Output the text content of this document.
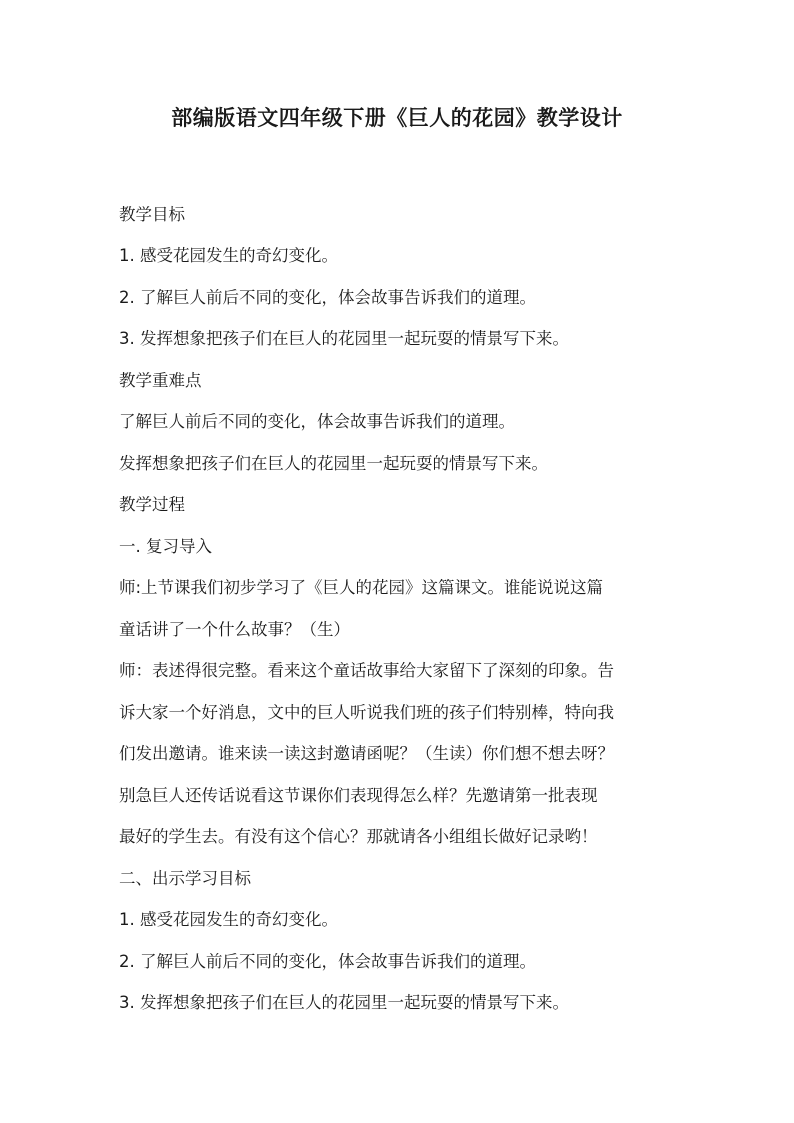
部编版语文四年级下册《巨人的花园》教学设计
教学目标
1. 感受花园发生的奇幻变化。
2. 了解巨人前后不同的变化，体会故事告诉我们的道理。
3. 发挥想象把孩子们在巨人的花园里一起玩耍的情景写下来。
教学重难点
了解巨人前后不同的变化，体会故事告诉我们的道理。
发挥想象把孩子们在巨人的花园里一起玩耍的情景写下来。
教学过程
一. 复习导入
师:上节课我们初步学习了《巨人的花园》这篇课文。谁能说说这篇
童话讲了一个什么故事？（生）
师：表述得很完整。看来这个童话故事给大家留下了深刻的印象。告
诉大家一个好消息，文中的巨人听说我们班的孩子们特别棒，特向我
们发出邀请。谁来读一读这封邀请函呢？（生读）你们想不想去呀？
别急巨人还传话说看这节课你们表现得怎么样？先邀请第一批表现
最好的学生去。有没有这个信心？那就请各小组组长做好记录哟！
二、出示学习目标
1. 感受花园发生的奇幻变化。
2. 了解巨人前后不同的变化，体会故事告诉我们的道理。
3. 发挥想象把孩子们在巨人的花园里一起玩耍的情景写下来。
